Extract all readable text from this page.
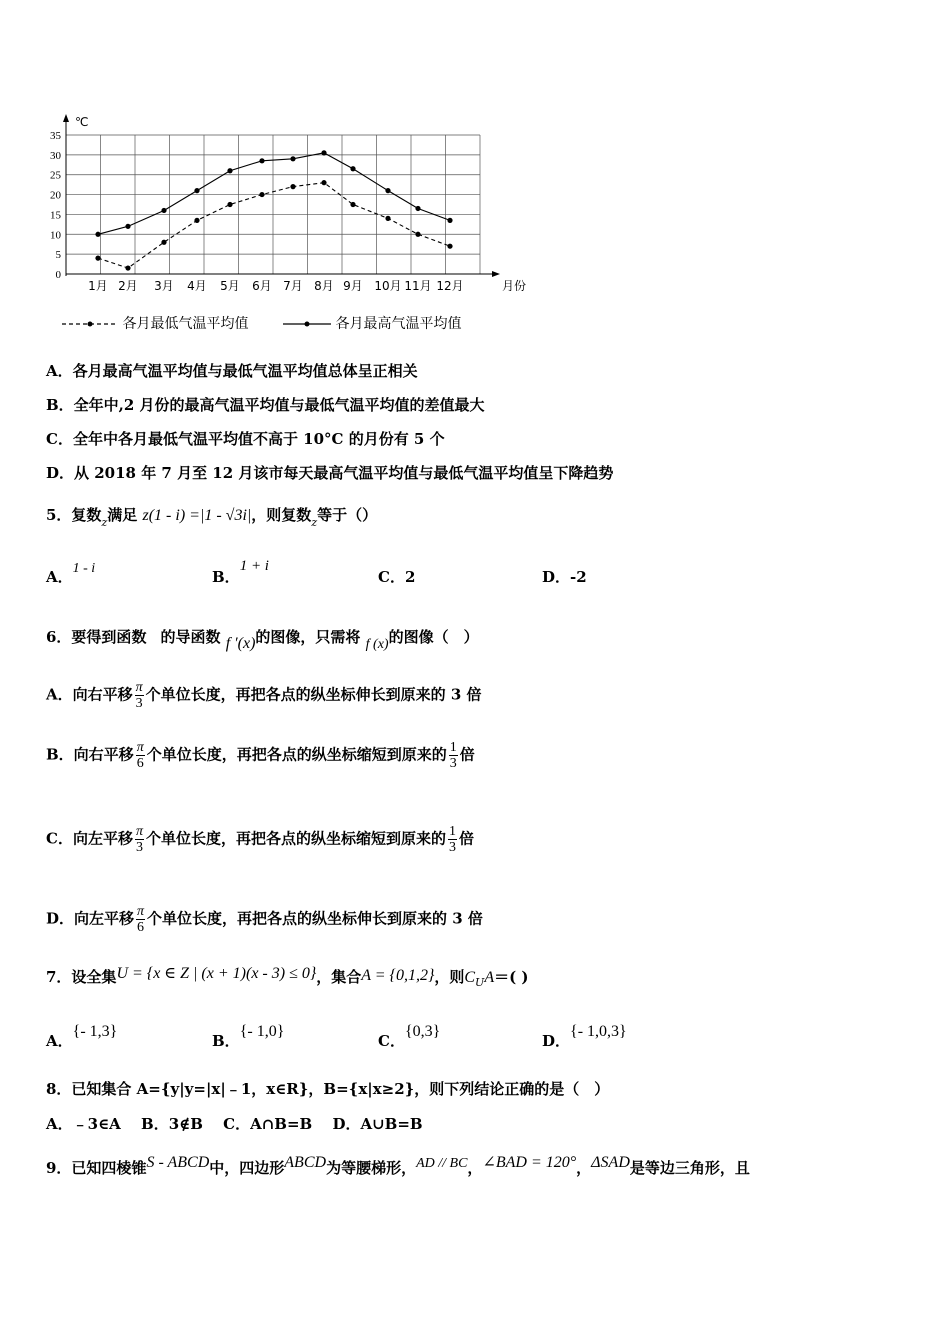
0
5
10
15
20
25
30
35
℃
1月 2月 3月 4月 5月 6月 7月 8月 9月 10月 11月 12月	月份
各月最低气温平均值	各月最高气温平均值
A．各月最高气温平均值与最低气温平均值总体呈正相关
B．全年中,2 月份的最高气温平均值与最低气温平均值的差值最大
C．全年中各月最低气温平均值不高于 10°C 的月份有 5 个
D．从 2018 年 7 月至 12 月该市每天最高气温平均值与最低气温平均值呈下降趋势
5．复数$_z$满足 z(1 - i) =|1 - √3i|，则复数$_z$等于（）
A．1 - i	B．1 + i
C．2	D．-2
6．要得到函数 的导函数 f ′(x)的图像，只需将 f (x)的图像（　）
A．向右平移 $\frac{\pi}{3}$ 个单位长度，再把各点的纵坐标伸长到原来的 3 倍
B．向右平移 $\frac{\pi}{6}$ 个单位长度，再把各点的纵坐标缩短到原来的 $\frac{1}{3}$ 倍
C．向左平移 $\frac{\pi}{3}$ 个单位长度，再把各点的纵坐标缩短到原来的 $\frac{1}{3}$ 倍
D．向左平移 $\frac{\pi}{6}$ 个单位长度，再把各点的纵坐标伸长到原来的 3 倍
7．设全集U = {x ∈ Z | (x + 1)(x - 3) ≤ 0}，集合A = {0,1,2}，则$C_UA=$( )
A．{- 1,3}
B．{- 1,0}
C．{0,3}
D．{- 1,0,3}
8．已知集合 A={y|y=|x|﹣1，x∈R}，B={x|x≥2}，则下列结论正确的是（　）
A．﹣3∈A　 B．3∉B　 C．A∩B=B　 D．A∪B=B
9．已知四棱锥S - ABCD中，四边形ABCD为等腰梯形，AD // BC，∠BAD = 120°，ΔSAD是等边三角形，且
